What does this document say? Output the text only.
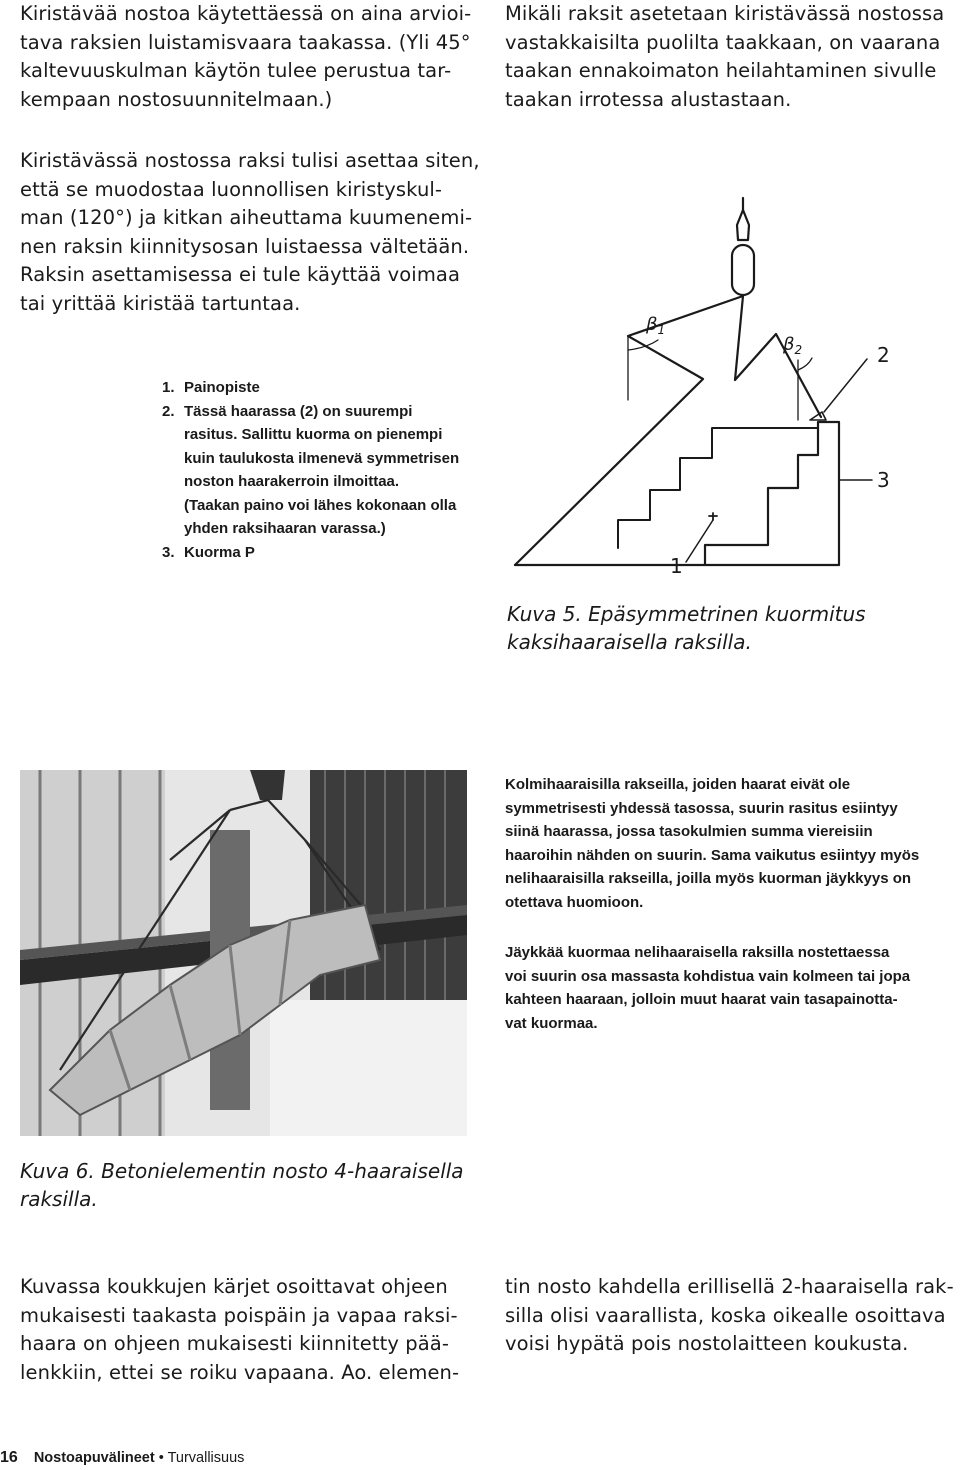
Kiristävää nostoa käytettäessä on aina arvioi-
tava raksien luistamisvaara taakassa. (Yli 45°
kaltevuuskulman käytön tulee perustua tar-
kempaan nostosuunnitelmaan.)
Mikäli raksit asetetaan kiristävässä nostossa
vastakkaisilta puolilta taakkaan, on vaarana
taakan ennakoimaton heilahtaminen sivulle
taakan irrotessa alustastaan.
Kiristävässä nostossa raksi tulisi asettaa siten,
että se muodostaa luonnollisen kiristyskul-
man (120°) ja kitkan aiheuttama kuumenemi-
nen raksin kiinnitysosan luistaessa vältetään.
Raksin asettamisessa ei tule käyttää voimaa
tai yrittää kiristää tartuntaa.
1. Painopiste
2. Tässä haarassa (2) on suurempi
rasitus. Sallittu kuorma on pienempi
kuin taulukosta ilmenevä symmetrisen
noston haarakerroin ilmoittaa.
(Taakan paino voi lähes kokonaan olla
yhden raksihaaran varassa.)
3. Kuorma P
$\beta_1$
$\beta_2$	2
3
1
Kuva 5. Epäsymmetrinen kuormitus
kaksihaaraisella raksilla.
Kolmihaaraisilla rakseilla, joiden haarat eivät ole
symmetrisesti yhdessä tasossa, suurin rasitus esiintyy
siinä haarassa, jossa tasokulmien summa viereisiin
haaroihin nähden on suurin. Sama vaikutus esiintyy myös
nelihaaraisilla rakseilla, joilla myös kuorman jäykkyys on
otettava huomioon.
Jäykkää kuormaa nelihaaraisella raksilla nostettaessa
voi suurin osa massasta kohdistua vain kolmeen tai jopa
kahteen haaraan, jolloin muut haarat vain tasapainotta-
vat kuormaa.
Kuva 6. Betonielementin nosto 4-haaraisella
raksilla.
Kuvassa koukkujen kärjet osoittavat ohjeen
mukaisesti taakasta poispäin ja vapaa raksi-
haara on ohjeen mukaisesti kiinnitetty pää-
lenkkiin, ettei se roiku vapaana. Ao. elemen-
tin nosto kahdella erillisellä 2-haaraisella rak-
silla olisi vaarallista, koska oikealle osoittava
voisi hypätä pois nostolaitteen koukusta.
16 Nostoapuvälineet • Turvallisuus
